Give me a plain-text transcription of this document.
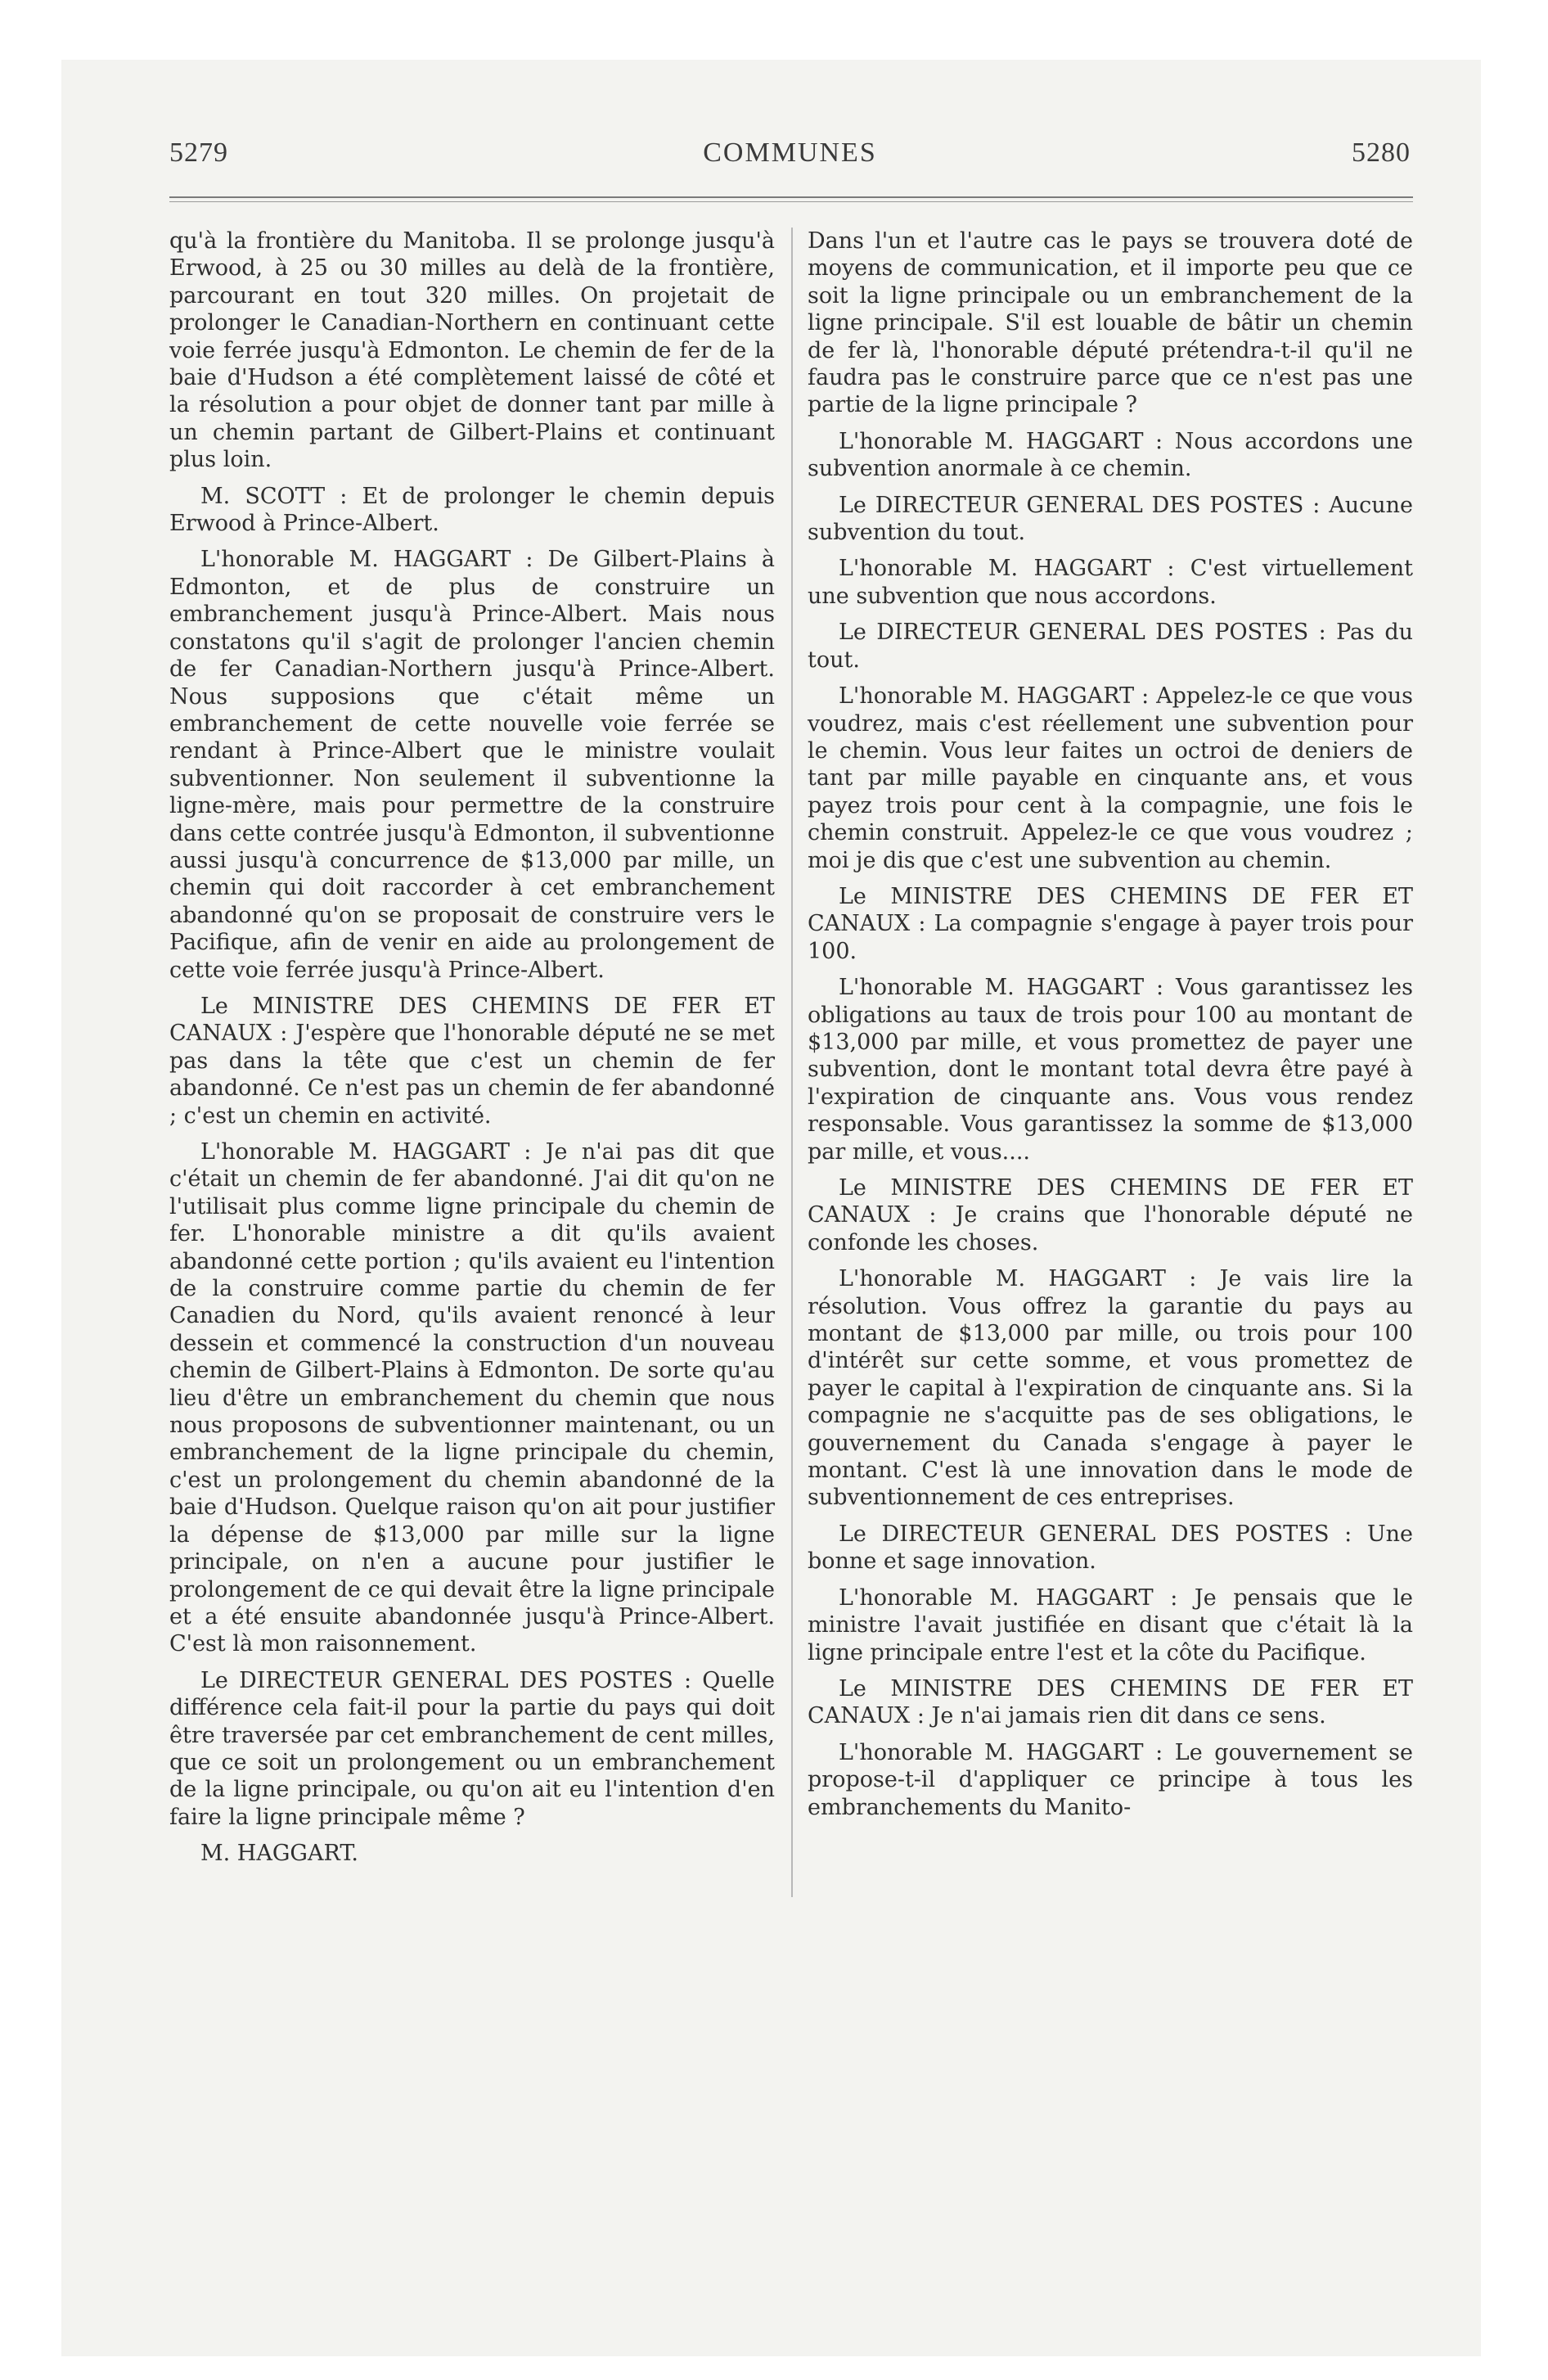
5279	COMMUNES	5280

qu'à la frontière du Manitoba. Il se prolonge jusqu'à Erwood, à 25 ou 30 milles au delà de la frontière, parcourant en tout 320 milles. On projetait de prolonger le Canadian-Northern en continuant cette voie ferrée jusqu'à Edmonton. Le chemin de fer de la baie d'Hudson a été complètement laissé de côté et la résolution a pour objet de donner tant par mille à un chemin partant de Gilbert-Plains et continuant plus loin.

M. SCOTT : Et de prolonger le chemin depuis Erwood à Prince-Albert.

L'honorable M. HAGGART : De Gilbert-Plains à Edmonton, et de plus de construire un embranchement jusqu'à Prince-Albert. Mais nous constatons qu'il s'agit de prolonger l'ancien chemin de fer Canadian-Northern jusqu'à Prince-Albert. Nous supposions que c'était même un embranchement de cette nouvelle voie ferrée se rendant à Prince-Albert que le ministre voulait subventionner. Non seulement il subventionne la ligne-mère, mais pour permettre de la construire dans cette contrée jusqu'à Edmonton, il subventionne aussi jusqu'à concurrence de $13,000 par mille, un chemin qui doit raccorder à cet embranchement abandonné qu'on se proposait de construire vers le Pacifique, afin de venir en aide au prolongement de cette voie ferrée jusqu'à Prince-Albert.

Le MINISTRE DES CHEMINS DE FER ET CANAUX : J'espère que l'honorable député ne se met pas dans la tête que c'est un chemin de fer abandonné. Ce n'est pas un chemin de fer abandonné ; c'est un chemin en activité.

L'honorable M. HAGGART : Je n'ai pas dit que c'était un chemin de fer abandonné. J'ai dit qu'on ne l'utilisait plus comme ligne principale du chemin de fer. L'honorable ministre a dit qu'ils avaient abandonné cette portion ; qu'ils avaient eu l'intention de la construire comme partie du chemin de fer Canadien du Nord, qu'ils avaient renoncé à leur dessein et commencé la construction d'un nouveau chemin de Gilbert-Plains à Edmonton. De sorte qu'au lieu d'être un embranchement du chemin que nous nous proposons de subventionner maintenant, ou un embranchement de la ligne principale du chemin, c'est un prolongement du chemin abandonné de la baie d'Hudson. Quelque raison qu'on ait pour justifier la dépense de $13,000 par mille sur la ligne principale, on n'en a aucune pour justifier le prolongement de ce qui devait être la ligne principale et a été ensuite abandonnée jusqu'à Prince-Albert. C'est là mon raisonnement.

Le DIRECTEUR GENERAL DES POSTES : Quelle différence cela fait-il pour la partie du pays qui doit être traversée par cet embranchement de cent milles, que ce soit un prolongement ou un embranchement de la ligne principale, ou qu'on ait eu l'intention d'en faire la ligne principale même ?

M. HAGGART.

Dans l'un et l'autre cas le pays se trouvera doté de moyens de communication, et il importe peu que ce soit la ligne principale ou un embranchement de la ligne principale. S'il est louable de bâtir un chemin de fer là, l'honorable député prétendra-t-il qu'il ne faudra pas le construire parce que ce n'est pas une partie de la ligne principale ?

L'honorable M. HAGGART : Nous accordons une subvention anormale à ce chemin.

Le DIRECTEUR GENERAL DES POSTES : Aucune subvention du tout.

L'honorable M. HAGGART : C'est virtuellement une subvention que nous accordons.

Le DIRECTEUR GENERAL DES POSTES : Pas du tout.

L'honorable M. HAGGART : Appelez-le ce que vous voudrez, mais c'est réellement une subvention pour le chemin. Vous leur faites un octroi de deniers de tant par mille payable en cinquante ans, et vous payez trois pour cent à la compagnie, une fois le chemin construit. Appelez-le ce que vous voudrez ; moi je dis que c'est une subvention au chemin.

Le MINISTRE DES CHEMINS DE FER ET CANAUX : La compagnie s'engage à payer trois pour 100.

L'honorable M. HAGGART : Vous garantissez les obligations au taux de trois pour 100 au montant de $13,000 par mille, et vous promettez de payer une subvention, dont le montant total devra être payé à l'expiration de cinquante ans. Vous vous rendez responsable. Vous garantissez la somme de $13,000 par mille, et vous....

Le MINISTRE DES CHEMINS DE FER ET CANAUX : Je crains que l'honorable député ne confonde les choses.

L'honorable M. HAGGART : Je vais lire la résolution. Vous offrez la garantie du pays au montant de $13,000 par mille, ou trois pour 100 d'intérêt sur cette somme, et vous promettez de payer le capital à l'expiration de cinquante ans. Si la compagnie ne s'acquitte pas de ses obligations, le gouvernement du Canada s'engage à payer le montant. C'est là une innovation dans le mode de subventionnement de ces entreprises.

Le DIRECTEUR GENERAL DES POSTES : Une bonne et sage innovation.

L'honorable M. HAGGART : Je pensais que le ministre l'avait justifiée en disant que c'était là la ligne principale entre l'est et la côte du Pacifique.

Le MINISTRE DES CHEMINS DE FER ET CANAUX : Je n'ai jamais rien dit dans ce sens.

L'honorable M. HAGGART : Le gouvernement se propose-t-il d'appliquer ce principe à tous les embranchements du Manito-
